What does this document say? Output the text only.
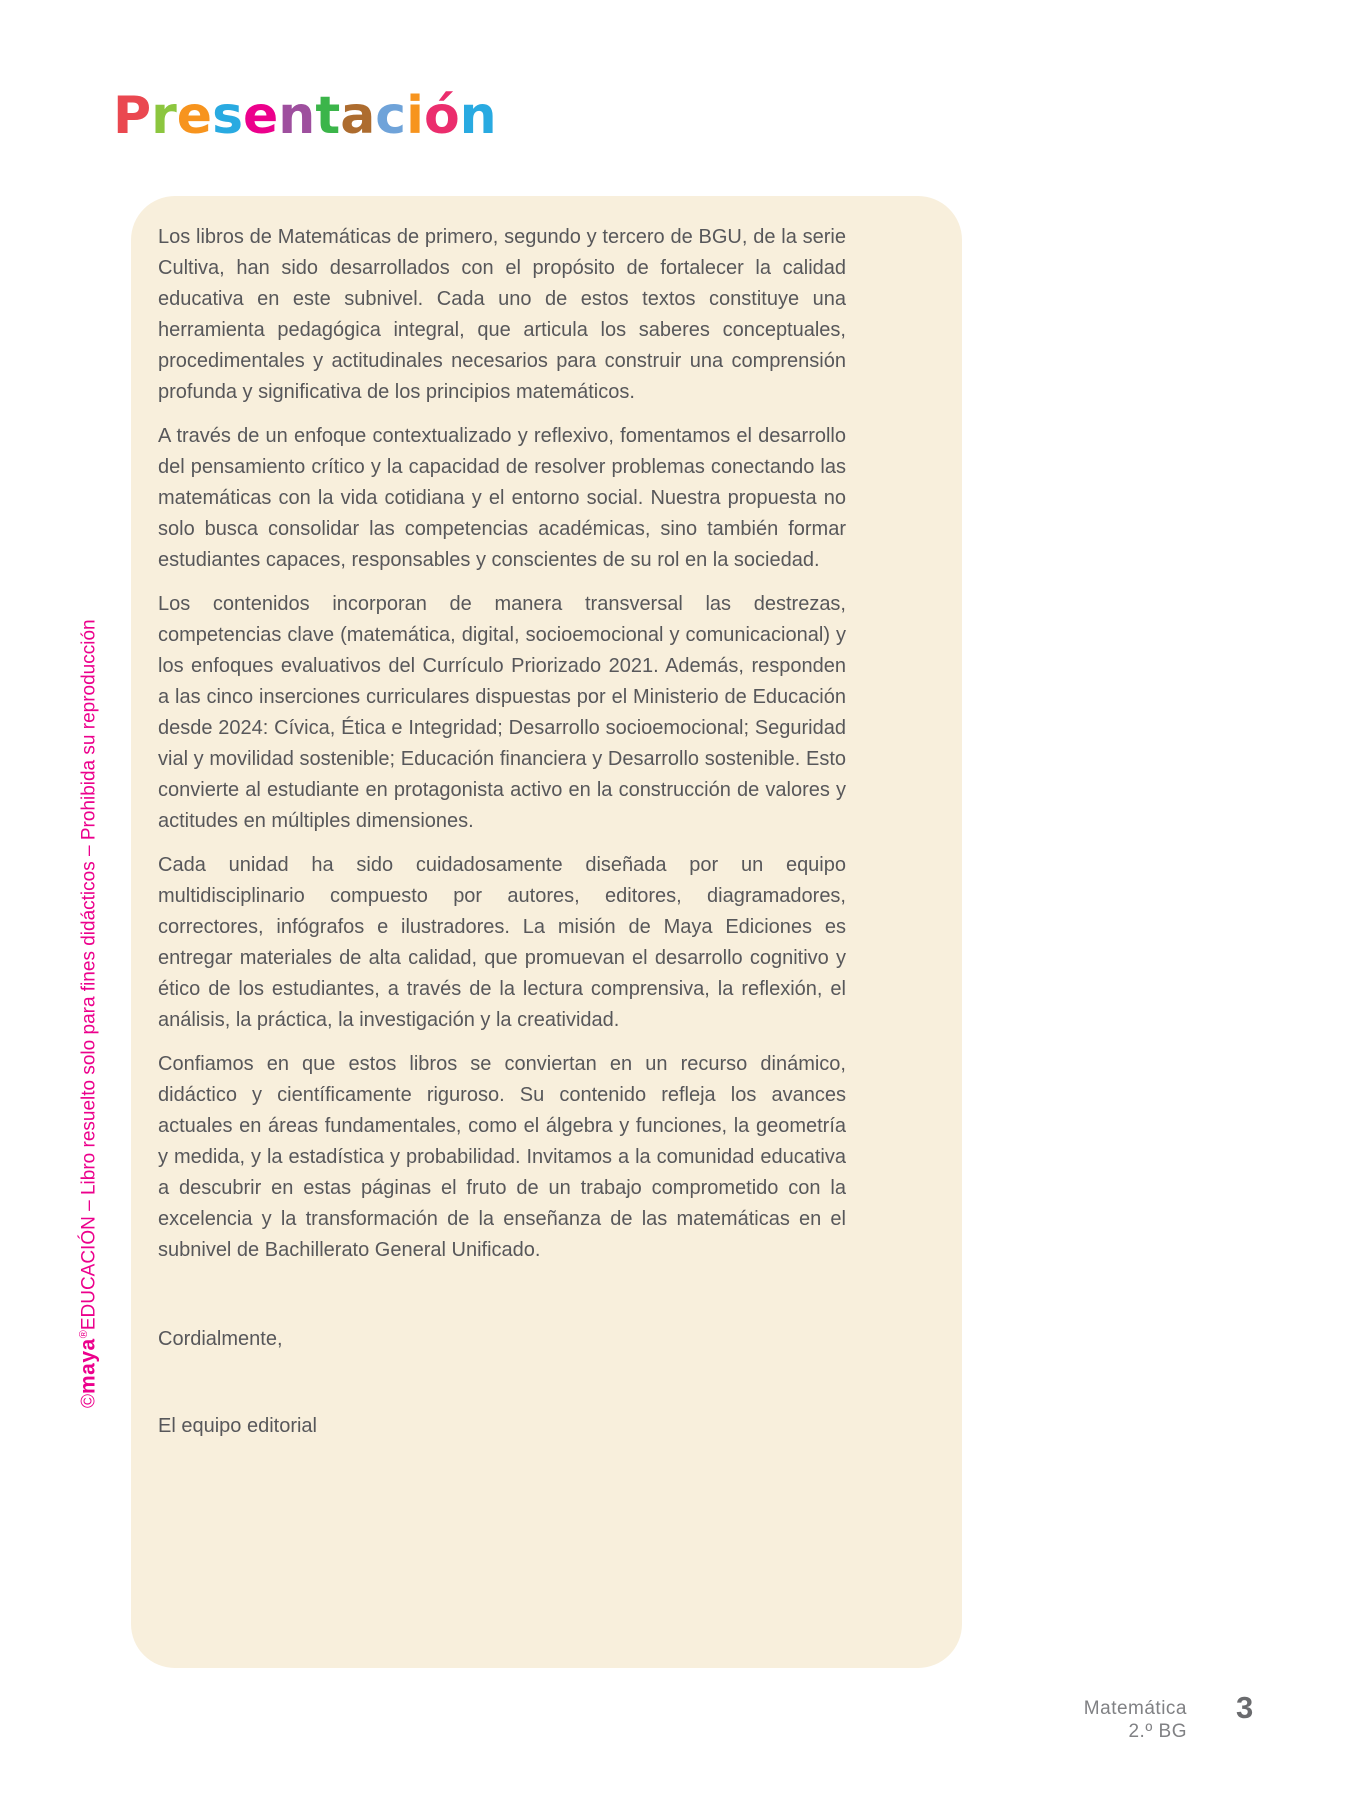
Presentación
©maya®EDUCACIÓN – Libro resuelto solo para fines didácticos – Prohibida su reproducción

Los libros de Matemáticas de primero, segundo y tercero de BGU, de la serie Cultiva, han sido desarrollados con el propósito de fortalecer la calidad educativa en este subnivel. Cada uno de estos textos constituye una herramienta pedagógica integral, que articula los saberes conceptuales, procedimentales y actitudinales necesarios para construir una comprensión profunda y significativa de los principios matemáticos.

A través de un enfoque contextualizado y reflexivo, fomentamos el desarrollo del pensamiento crítico y la capacidad de resolver problemas conectando las matemáticas con la vida cotidiana y el entorno social. Nuestra propuesta no solo busca consolidar las competencias académicas, sino también formar estudiantes capaces, responsables y conscientes de su rol en la sociedad.

Los contenidos incorporan de manera transversal las destrezas, competencias clave (matemática, digital, socioemocional y comunicacional) y los enfoques evaluativos del Currículo Priorizado 2021. Además, responden a las cinco inserciones curriculares dispuestas por el Ministerio de Educación desde 2024: Cívica, Ética e Integridad; Desarrollo socioemocional; Seguridad vial y movilidad sostenible; Educación financiera y Desarrollo sostenible. Esto convierte al estudiante en protagonista activo en la construcción de valores y actitudes en múltiples dimensiones.

Cada unidad ha sido cuidadosamente diseñada por un equipo multidisciplinario compuesto por autores, editores, diagramadores, correctores, infógrafos e ilustradores. La misión de Maya Ediciones es entregar materiales de alta calidad, que promuevan el desarrollo cognitivo y ético de los estudiantes, a través de la lectura comprensiva, la reflexión, el análisis, la práctica, la investigación y la creatividad.

Confiamos en que estos libros se conviertan en un recurso dinámico, didáctico y científicamente riguroso. Su contenido refleja los avances actuales en áreas fundamentales, como el álgebra y funciones, la geometría y medida, y la estadística y probabilidad. Invitamos a la comunidad educativa a descubrir en estas páginas el fruto de un trabajo comprometido con la excelencia y la transformación de la enseñanza de las matemáticas en el subnivel de Bachillerato General Unificado.

Cordialmente,

El equipo editorial

Matemática
2.º BG
3
